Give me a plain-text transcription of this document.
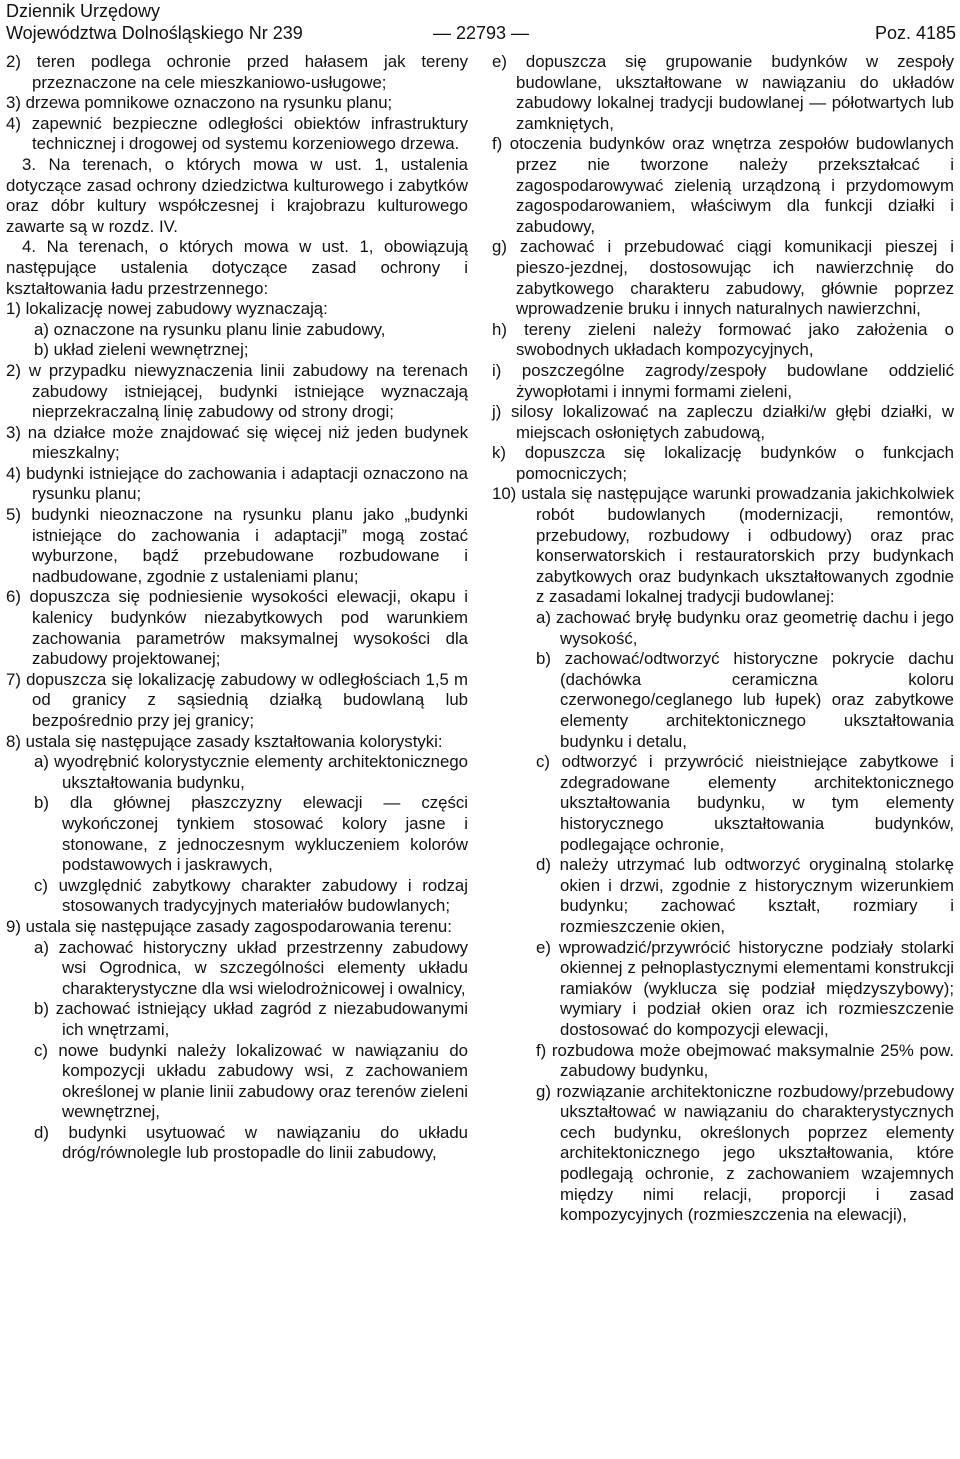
Dziennik Urzędowy
Województwa Dolnośląskiego Nr 239	— 22793 —	Poz. 4185

2) teren podlega ochronie przed hałasem jak tereny przeznaczone na cele mieszkaniowo-usługowe;

3) drzewa pomnikowe oznaczono na rysunku planu;

4) zapewnić bezpieczne odległości obiektów infrastruktury technicznej i drogowej od systemu korzeniowego drzewa.

3. Na terenach, o których mowa w ust. 1, ustalenia dotyczące zasad ochrony dziedzictwa kulturowego i zabytków oraz dóbr kultury współczesnej i krajobrazu kulturowego zawarte są w rozdz. IV.

4. Na terenach, o których mowa w ust. 1, obowiązują następujące ustalenia dotyczące zasad ochrony i kształtowania ładu przestrzennego:

1) lokalizację nowej zabudowy wyznaczają:

a) oznaczone na rysunku planu linie zabudowy,

b) układ zieleni wewnętrznej;

2) w przypadku niewyznaczenia linii zabudowy na terenach zabudowy istniejącej, budynki istniejące wyznaczają nieprzekraczalną linię zabudowy od strony drogi;

3) na działce może znajdować się więcej niż jeden budynek mieszkalny;

4) budynki istniejące do zachowania i adaptacji oznaczono na rysunku planu;

5) budynki nieoznaczone na rysunku planu jako „budynki istniejące do zachowania i adaptacji” mogą zostać wyburzone, bądź przebudowane rozbudowane i nadbudowane, zgodnie z ustaleniami planu;

6) dopuszcza się podniesienie wysokości elewacji, okapu i kalenicy budynków niezabytkowych pod warunkiem zachowania parametrów maksymalnej wysokości dla zabudowy projektowanej;

7) dopuszcza się lokalizację zabudowy w odległościach 1,5 m od granicy z sąsiednią działką budowlaną lub bezpośrednio przy jej granicy;

8) ustala się następujące zasady kształtowania kolorystyki:

a) wyodrębnić kolorystycznie elementy architektonicznego ukształtowania budynku,

b) dla głównej płaszczyzny elewacji — części wykończonej tynkiem stosować kolory jasne i stonowane, z jednoczesnym wykluczeniem kolorów podstawowych i jaskrawych,

c) uwzględnić zabytkowy charakter zabudowy i rodzaj stosowanych tradycyjnych materiałów budowlanych;

9) ustala się następujące zasady zagospodarowania terenu:

a) zachować historyczny układ przestrzenny zabudowy wsi Ogrodnica, w szczególności elementy układu charakterystyczne dla wsi wielodrożnicowej i owalnicy,

b) zachować istniejący układ zagród z niezabudowanymi ich wnętrzami,

c) nowe budynki należy lokalizować w nawiązaniu do kompozycji układu zabudowy wsi, z zachowaniem określonej w planie linii zabudowy oraz terenów zieleni wewnętrznej,

d) budynki usytuować w nawiązaniu do układu dróg/równolegle lub prostopadle do linii zabudowy,

e) dopuszcza się grupowanie budynków w zespoły budowlane, ukształtowane w nawiązaniu do układów zabudowy lokalnej tradycji budowlanej — półotwartych lub zamkniętych,

f) otoczenia budynków oraz wnętrza zespołów budowlanych przez nie tworzone należy przekształcać i zagospodarowywać zielenią urządzoną i przydomowym zagospodarowaniem, właściwym dla funkcji działki i zabudowy,

g) zachować i przebudować ciągi komunikacji pieszej i pieszo-jezdnej, dostosowując ich nawierzchnię do zabytkowego charakteru zabudowy, głównie poprzez wprowadzenie bruku i innych naturalnych nawierzchni,

h) tereny zieleni należy formować jako założenia o swobodnych układach kompozycyjnych,

i) poszczególne zagrody/zespoły budowlane oddzielić żywopłotami i innymi formami zieleni,

j) silosy lokalizować na zapleczu działki/w głębi działki, w miejscach osłoniętych zabudową,

k) dopuszcza się lokalizację budynków o funkcjach pomocniczych;

10) ustala się następujące warunki prowadzania jakichkolwiek robót budowlanych (modernizacji, remontów, przebudowy, rozbudowy i odbudowy) oraz prac konserwatorskich i restauratorskich przy budynkach zabytkowych oraz budynkach ukształtowanych zgodnie z zasadami lokalnej tradycji budowlanej:

a) zachować bryłę budynku oraz geometrię dachu i jego wysokość,

b) zachować/odtworzyć historyczne pokrycie dachu (dachówka ceramiczna koloru czerwonego/ceglanego lub łupek) oraz zabytkowe elementy architektonicznego ukształtowania budynku i detalu,

c) odtworzyć i przywrócić nieistniejące zabytkowe i zdegradowane elementy architektonicznego ukształtowania budynku, w tym elementy historycznego ukształtowania budynków, podlegające ochronie,

d) należy utrzymać lub odtworzyć oryginalną stolarkę okien i drzwi, zgodnie z historycznym wizerunkiem budynku; zachować kształt, rozmiary i rozmieszczenie okien,

e) wprowadzić/przywrócić historyczne podziały stolarki okiennej z pełnoplastycznymi elementami konstrukcji ramiaków (wyklucza się podział międzyszybowy); wymiary i podział okien oraz ich rozmieszczenie dostosować do kompozycji elewacji,

f) rozbudowa może obejmować maksymalnie 25% pow. zabudowy budynku,

g) rozwiązanie architektoniczne rozbudowy/przebudowy ukształtować w nawiązaniu do charakterystycznych cech budynku, określonych poprzez elementy architektonicznego jego ukształtowania, które podlegają ochronie, z zachowaniem wzajemnych między nimi relacji, proporcji i zasad kompozycyjnych (rozmieszczenia na elewacji),
